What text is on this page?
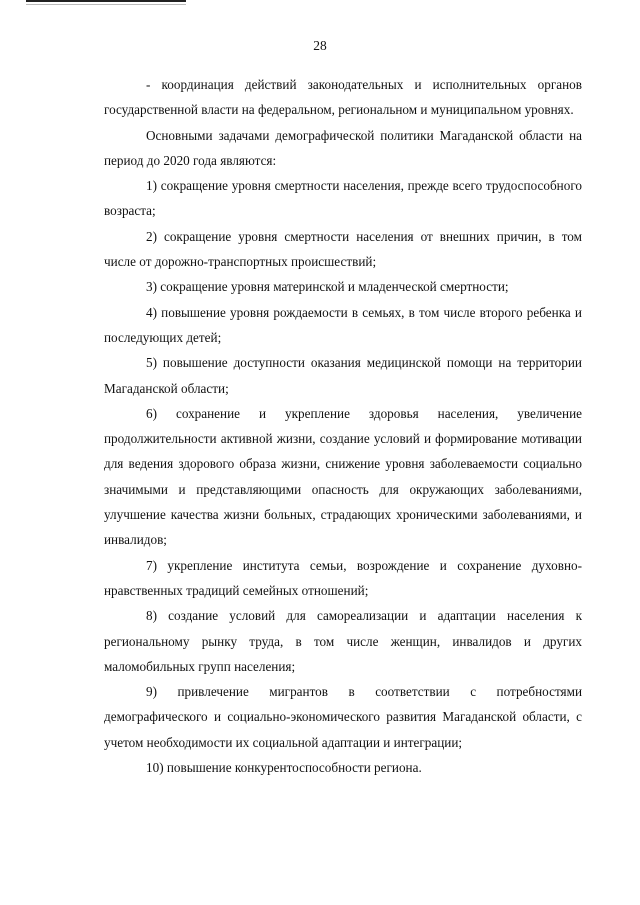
28

- координация действий законодательных и исполнительных органов государственной власти на федеральном, региональном и муниципальном уровнях.

Основными задачами демографической политики Магаданской области на период до 2020 года являются:

1) сокращение уровня смертности населения, прежде всего трудоспособного возраста;

2) сокращение уровня смертности населения от внешних причин, в том числе от дорожно-транспортных происшествий;

3) сокращение уровня материнской и младенческой смертности;

4) повышение уровня рождаемости в семьях, в том числе второго ребенка и последующих детей;

5) повышение доступности оказания медицинской помощи на территории Магаданской области;

6) сохранение и укрепление здоровья населения, увеличение продолжительности активной жизни, создание условий и формирование мотивации для ведения здорового образа жизни, снижение уровня заболеваемости социально значимыми и представляющими опасность для окружающих заболеваниями, улучшение качества жизни больных, страдающих хроническими заболеваниями, и инвалидов;

7) укрепление института семьи, возрождение и сохранение духовно-нравственных традиций семейных отношений;

8) создание условий для самореализации и адаптации населения к региональному рынку труда, в том числе женщин, инвалидов и других маломобильных групп населения;

9) привлечение мигрантов в соответствии с потребностями демографического и социально-экономического развития Магаданской области, с учетом необходимости их социальной адаптации и интеграции;

10) повышение конкурентоспособности региона.
